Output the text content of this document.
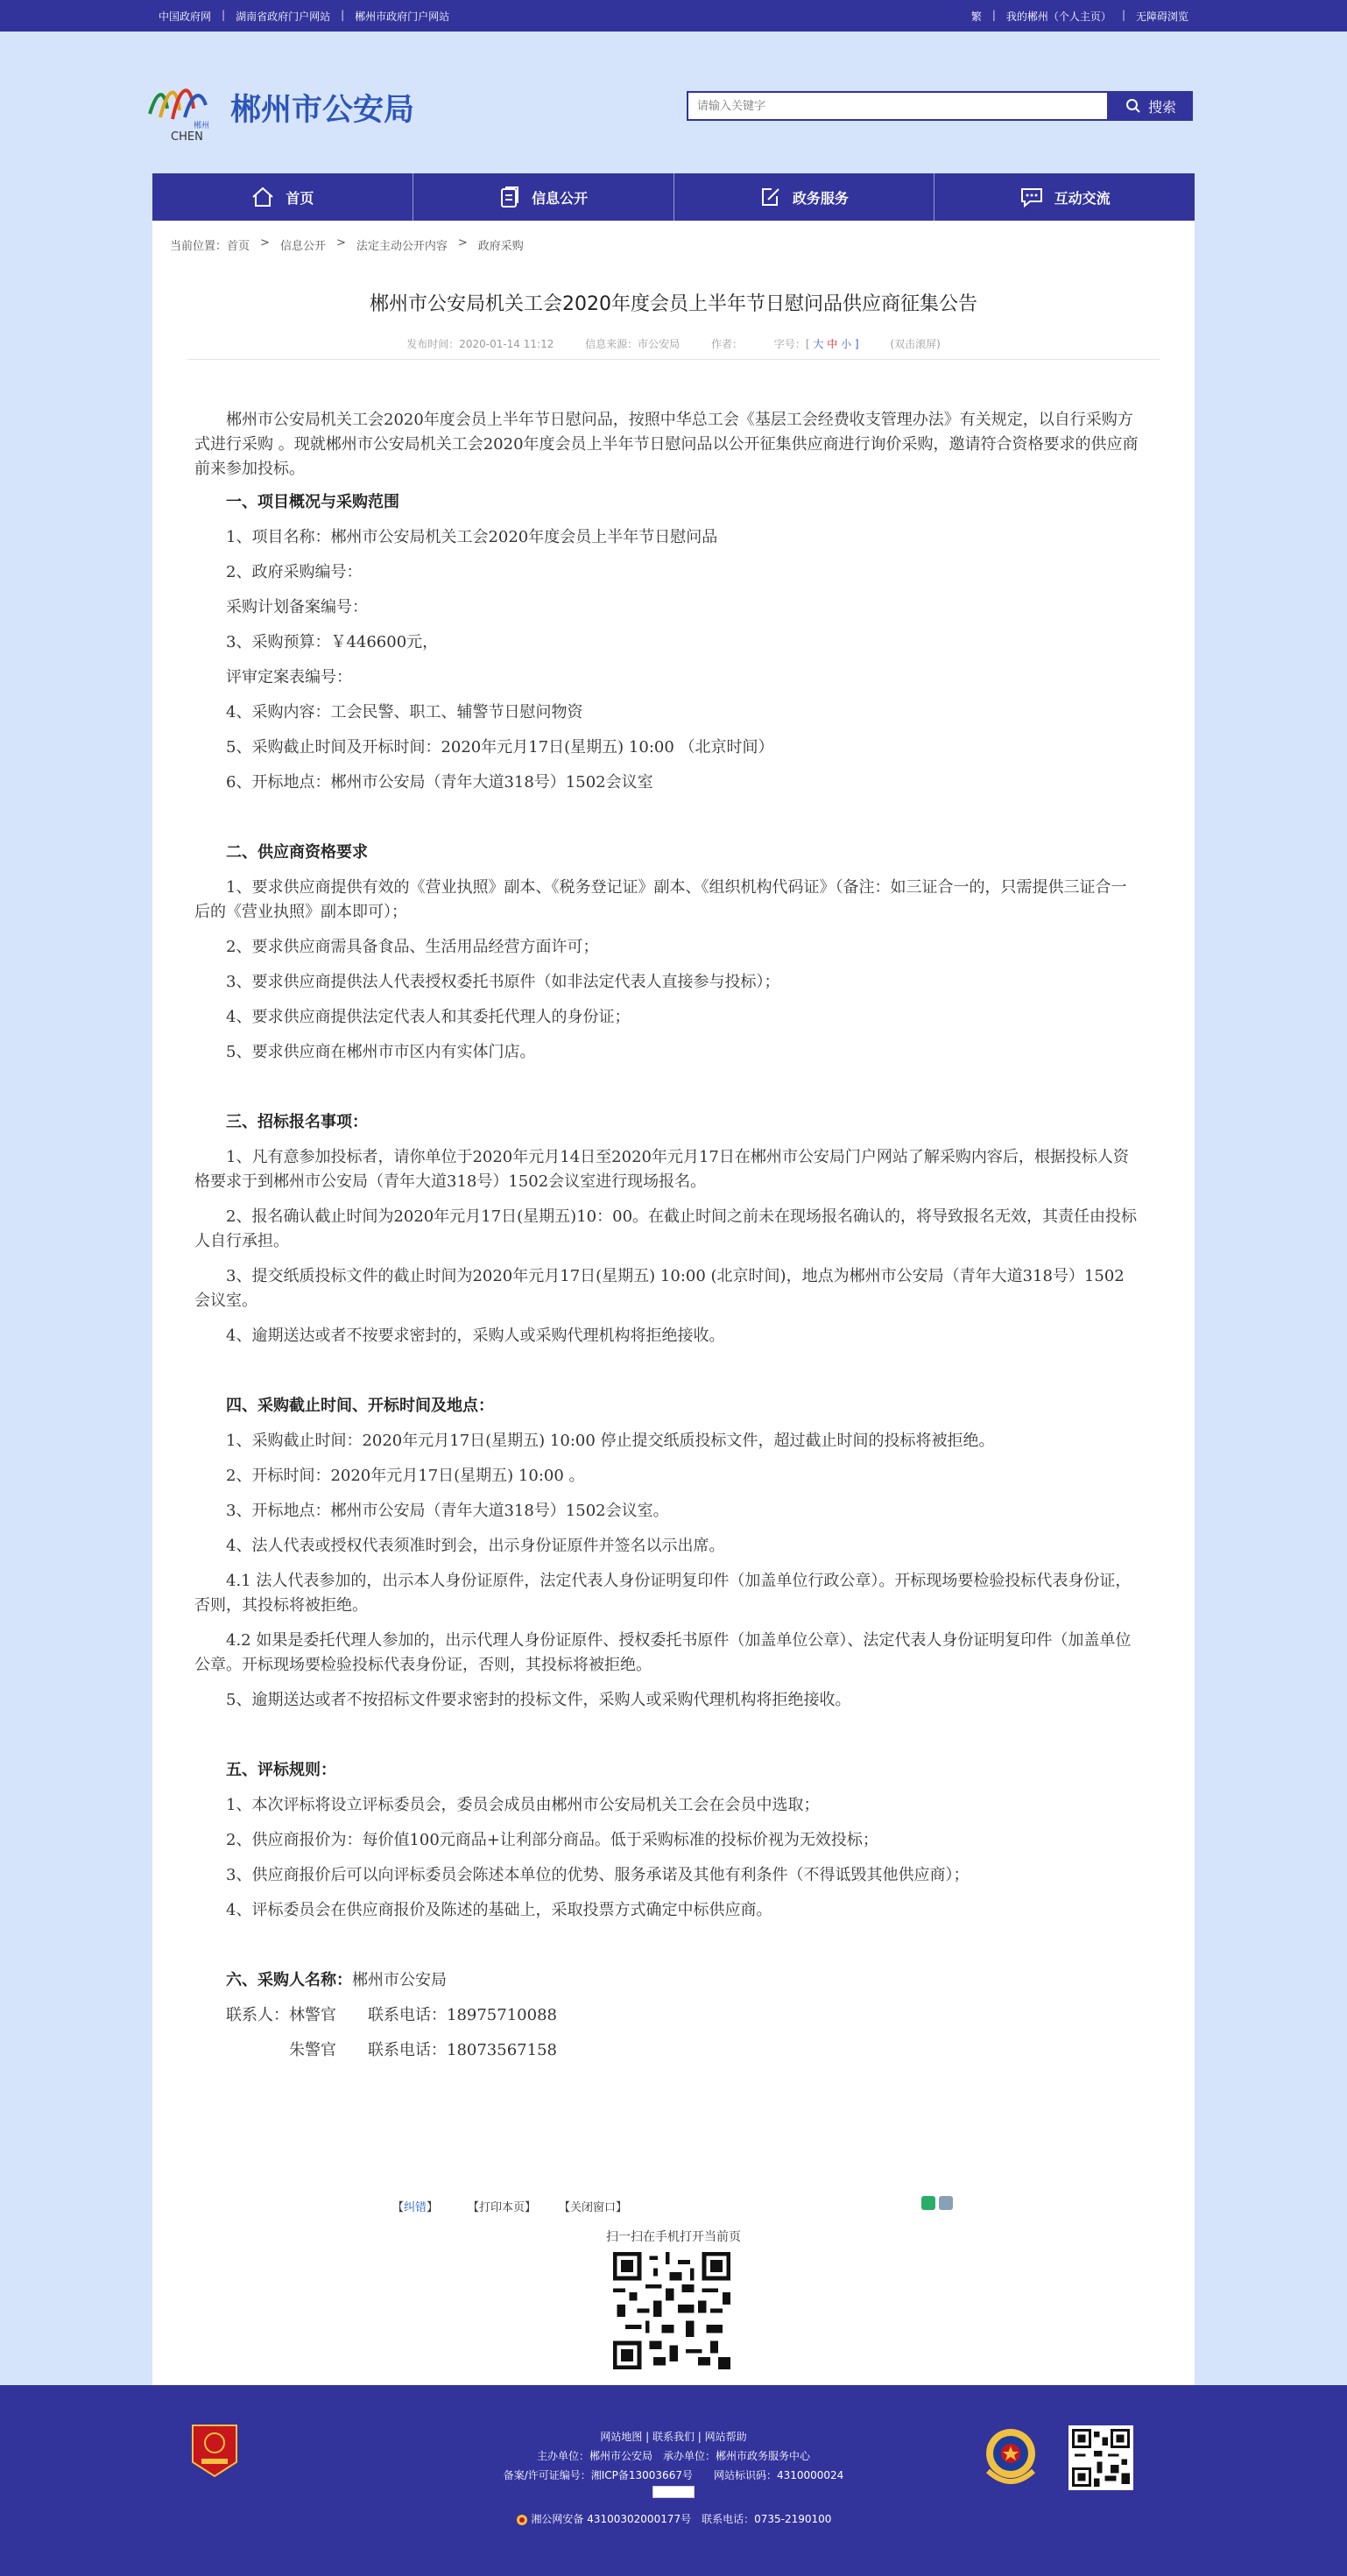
中国政府网 | 湖南省政府门户网站 | 郴州市政府门户网站	繁 | 我的郴州（个人主页） | 无障碍浏览
郴州
CHEN
郴州市公安局
请输入关键字	搜索
首页	信息公开	政务服务	互动交流
当前位置： 首页 > 信息公开 > 法定主动公开内容 > 政府采购
郴州市公安局机关工会2020年度会员上半年节日慰问品供应商征集公告
发布时间：2020-01-14 11:12	信息来源：市公安局	作者：	字号：[ 大 中 小 ]	(双击滚屏)

　　郴州市公安局机关工会2020年度会员上半年节日慰问品，按照中华总工会《基层工会经费收支管理办法》有关规定，以自行采购方式进行采购 。现就郴州市公安局机关工会2020年度会员上半年节日慰问品以公开征集供应商进行询价采购，邀请符合资格要求的供应商前来参加投标。

　　一、项目概况与采购范围

　　1、项目名称：郴州市公安局机关工会2020年度会员上半年节日慰问品

　　2、政府采购编号：

　　采购计划备案编号：

　　3、采购预算：￥446600元，

　　评审定案表编号：

　　4、采购内容：工会民警、职工、辅警节日慰问物资

　　5、采购截止时间及开标时间：2020年元月17日(星期五) 10:00 （北京时间）

　　6、开标地点：郴州市公安局（青年大道318号）1502会议室

　　二、供应商资格要求

　　1、要求供应商提供有效的《营业执照》副本、《税务登记证》副本、《组织机构代码证》（备注：如三证合一的，只需提供三证合一后的《营业执照》副本即可）；

　　2、要求供应商需具备食品、生活用品经营方面许可；

　　3、要求供应商提供法人代表授权委托书原件（如非法定代表人直接参与投标）；

　　4、要求供应商提供法定代表人和其委托代理人的身份证；

　　5、要求供应商在郴州市市区内有实体门店。

　　三、招标报名事项：

　　1、凡有意参加投标者，请你单位于2020年元月14日至2020年元月17日在郴州市公安局门户网站了解采购内容后，根据投标人资格要求于到郴州市公安局（青年大道318号）1502会议室进行现场报名。

　　2、报名确认截止时间为2020年元月17日(星期五)10：00。在截止时间之前未在现场报名确认的，将导致报名无效，其责任由投标人自行承担。

　　3、提交纸质投标文件的截止时间为2020年元月17日(星期五) 10:00 (北京时间)，地点为郴州市公安局（青年大道318号）1502会议室。

　　4、逾期送达或者不按要求密封的，采购人或采购代理机构将拒绝接收。

　　四、采购截止时间、开标时间及地点：

　　1、采购截止时间：2020年元月17日(星期五) 10:00 停止提交纸质投标文件，超过截止时间的投标将被拒绝。

　　2、开标时间：2020年元月17日(星期五) 10:00 。

　　3、开标地点：郴州市公安局（青年大道318号）1502会议室。

　　4、法人代表或授权代表须准时到会，出示身份证原件并签名以示出席。

　　4.1 法人代表参加的，出示本人身份证原件，法定代表人身份证明复印件（加盖单位行政公章）。开标现场要检验投标代表身份证，否则，其投标将被拒绝。

　　4.2 如果是委托代理人参加的，出示代理人身份证原件、授权委托书原件（加盖单位公章）、法定代表人身份证明复印件（加盖单位公章。开标现场要检验投标代表身份证，否则，其投标将被拒绝。

　　5、逾期送达或者不按招标文件要求密封的投标文件，采购人或采购代理机构将拒绝接收。

　　五、评标规则：

　　1、本次评标将设立评标委员会，委员会成员由郴州市公安局机关工会在会员中选取；

　　2、供应商报价为：每价值100元商品+让利部分商品。低于采购标准的投标价视为无效投标；

　　3、供应商报价后可以向评标委员会陈述本单位的优势、服务承诺及其他有利条件（不得诋毁其他供应商）；

　　4、评标委员会在供应商报价及陈述的基础上，采取投票方式确定中标供应商。

　　六、采购人名称：郴州市公安局

　　联系人：林警官　　联系电话：18975710088

　　　　　　朱警官　　联系电话：18073567158

【纠错】	【打印本页】 【关闭窗口】
扫一扫在手机打开当前页
网站地图 | 联系我们 | 网站帮助
主办单位：郴州市公安局　承办单位：郴州市政务服务中心
备案/许可证编号：湘ICP备13003667号　　网站标识码：4310000024
湘公网安备 43100302000177号　联系电话：0735-2190100
